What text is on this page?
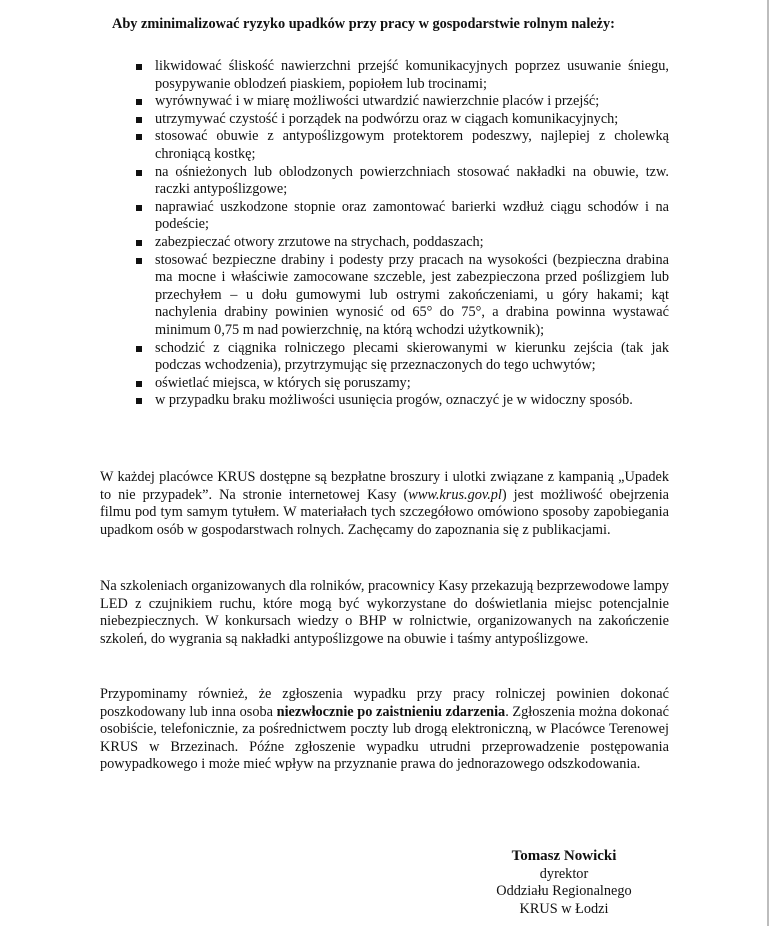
Aby zminimalizować ryzyko upadków przy pracy w gospodarstwie rolnym należy:
likwidować śliskość nawierzchni przejść komunikacyjnych poprzez usuwanie śniegu, posypywanie oblodzeń piaskiem, popiołem lub trocinami;
wyrównywać i w miarę możliwości utwardzić nawierzchnie placów i przejść;
utrzymywać czystość i porządek na podwórzu oraz w ciągach komunikacyjnych;
stosować obuwie z antypoślizgowym protektorem podeszwy, najlepiej z cholewką chroniącą kostkę;
na ośnieżonych lub oblodzonych powierzchniach stosować nakładki na obuwie, tzw. raczki antypoślizgowe;
naprawiać uszkodzone stopnie oraz zamontować barierki wzdłuż ciągu schodów i na podeście;
zabezpieczać otwory zrzutowe na strychach, poddaszach;
stosować bezpieczne drabiny i podesty przy pracach na wysokości (bezpieczna drabina ma mocne i właściwie zamocowane szczeble, jest zabezpieczona przed poślizgiem lub przechyłem – u dołu gumowymi lub ostrymi zakończeniami, u góry hakami; kąt nachylenia drabiny powinien wynosić od 65° do 75°, a drabina powinna wystawać minimum 0,75 m nad powierzchnię, na którą wchodzi użytkownik);
schodzić z ciągnika rolniczego plecami skierowanymi w kierunku zejścia (tak jak podczas wchodzenia), przytrzymując się przeznaczonych do tego uchwytów;
oświetlać miejsca, w których się poruszamy;
w przypadku braku możliwości usunięcia progów, oznaczyć je w widoczny sposób.

W każdej placówce KRUS dostępne są bezpłatne broszury i ulotki związane z kampanią „Upadek to nie przypadek”. Na stronie internetowej Kasy (www.krus.gov.pl) jest możliwość obejrzenia filmu pod tym samym tytułem. W materiałach tych szczegółowo omówiono sposoby zapobiegania upadkom osób w gospodarstwach rolnych. Zachęcamy do zapoznania się z publikacjami.

Na szkoleniach organizowanych dla rolników, pracownicy Kasy przekazują bezprzewodowe lampy LED z czujnikiem ruchu, które mogą być wykorzystane do doświetlania miejsc potencjalnie niebezpiecznych. W konkursach wiedzy o BHP w rolnictwie, organizowanych na zakończenie szkoleń, do wygrania są nakładki antypoślizgowe na obuwie i taśmy antypoślizgowe.

Przypominamy również, że zgłoszenia wypadku przy pracy rolniczej powinien dokonać poszkodowany lub inna osoba niezwłocznie po zaistnieniu zdarzenia. Zgłoszenia można dokonać osobiście, telefonicznie, za pośrednictwem poczty lub drogą elektroniczną, w Placówce Terenowej KRUS w Brzezinach. Późne zgłoszenie wypadku utrudni przeprowadzenie postępowania powypadkowego i może mieć wpływ na przyznanie prawa do jednorazowego odszkodowania.

Tomasz Nowicki
dyrektor
Oddziału Regionalnego
KRUS w Łodzi
